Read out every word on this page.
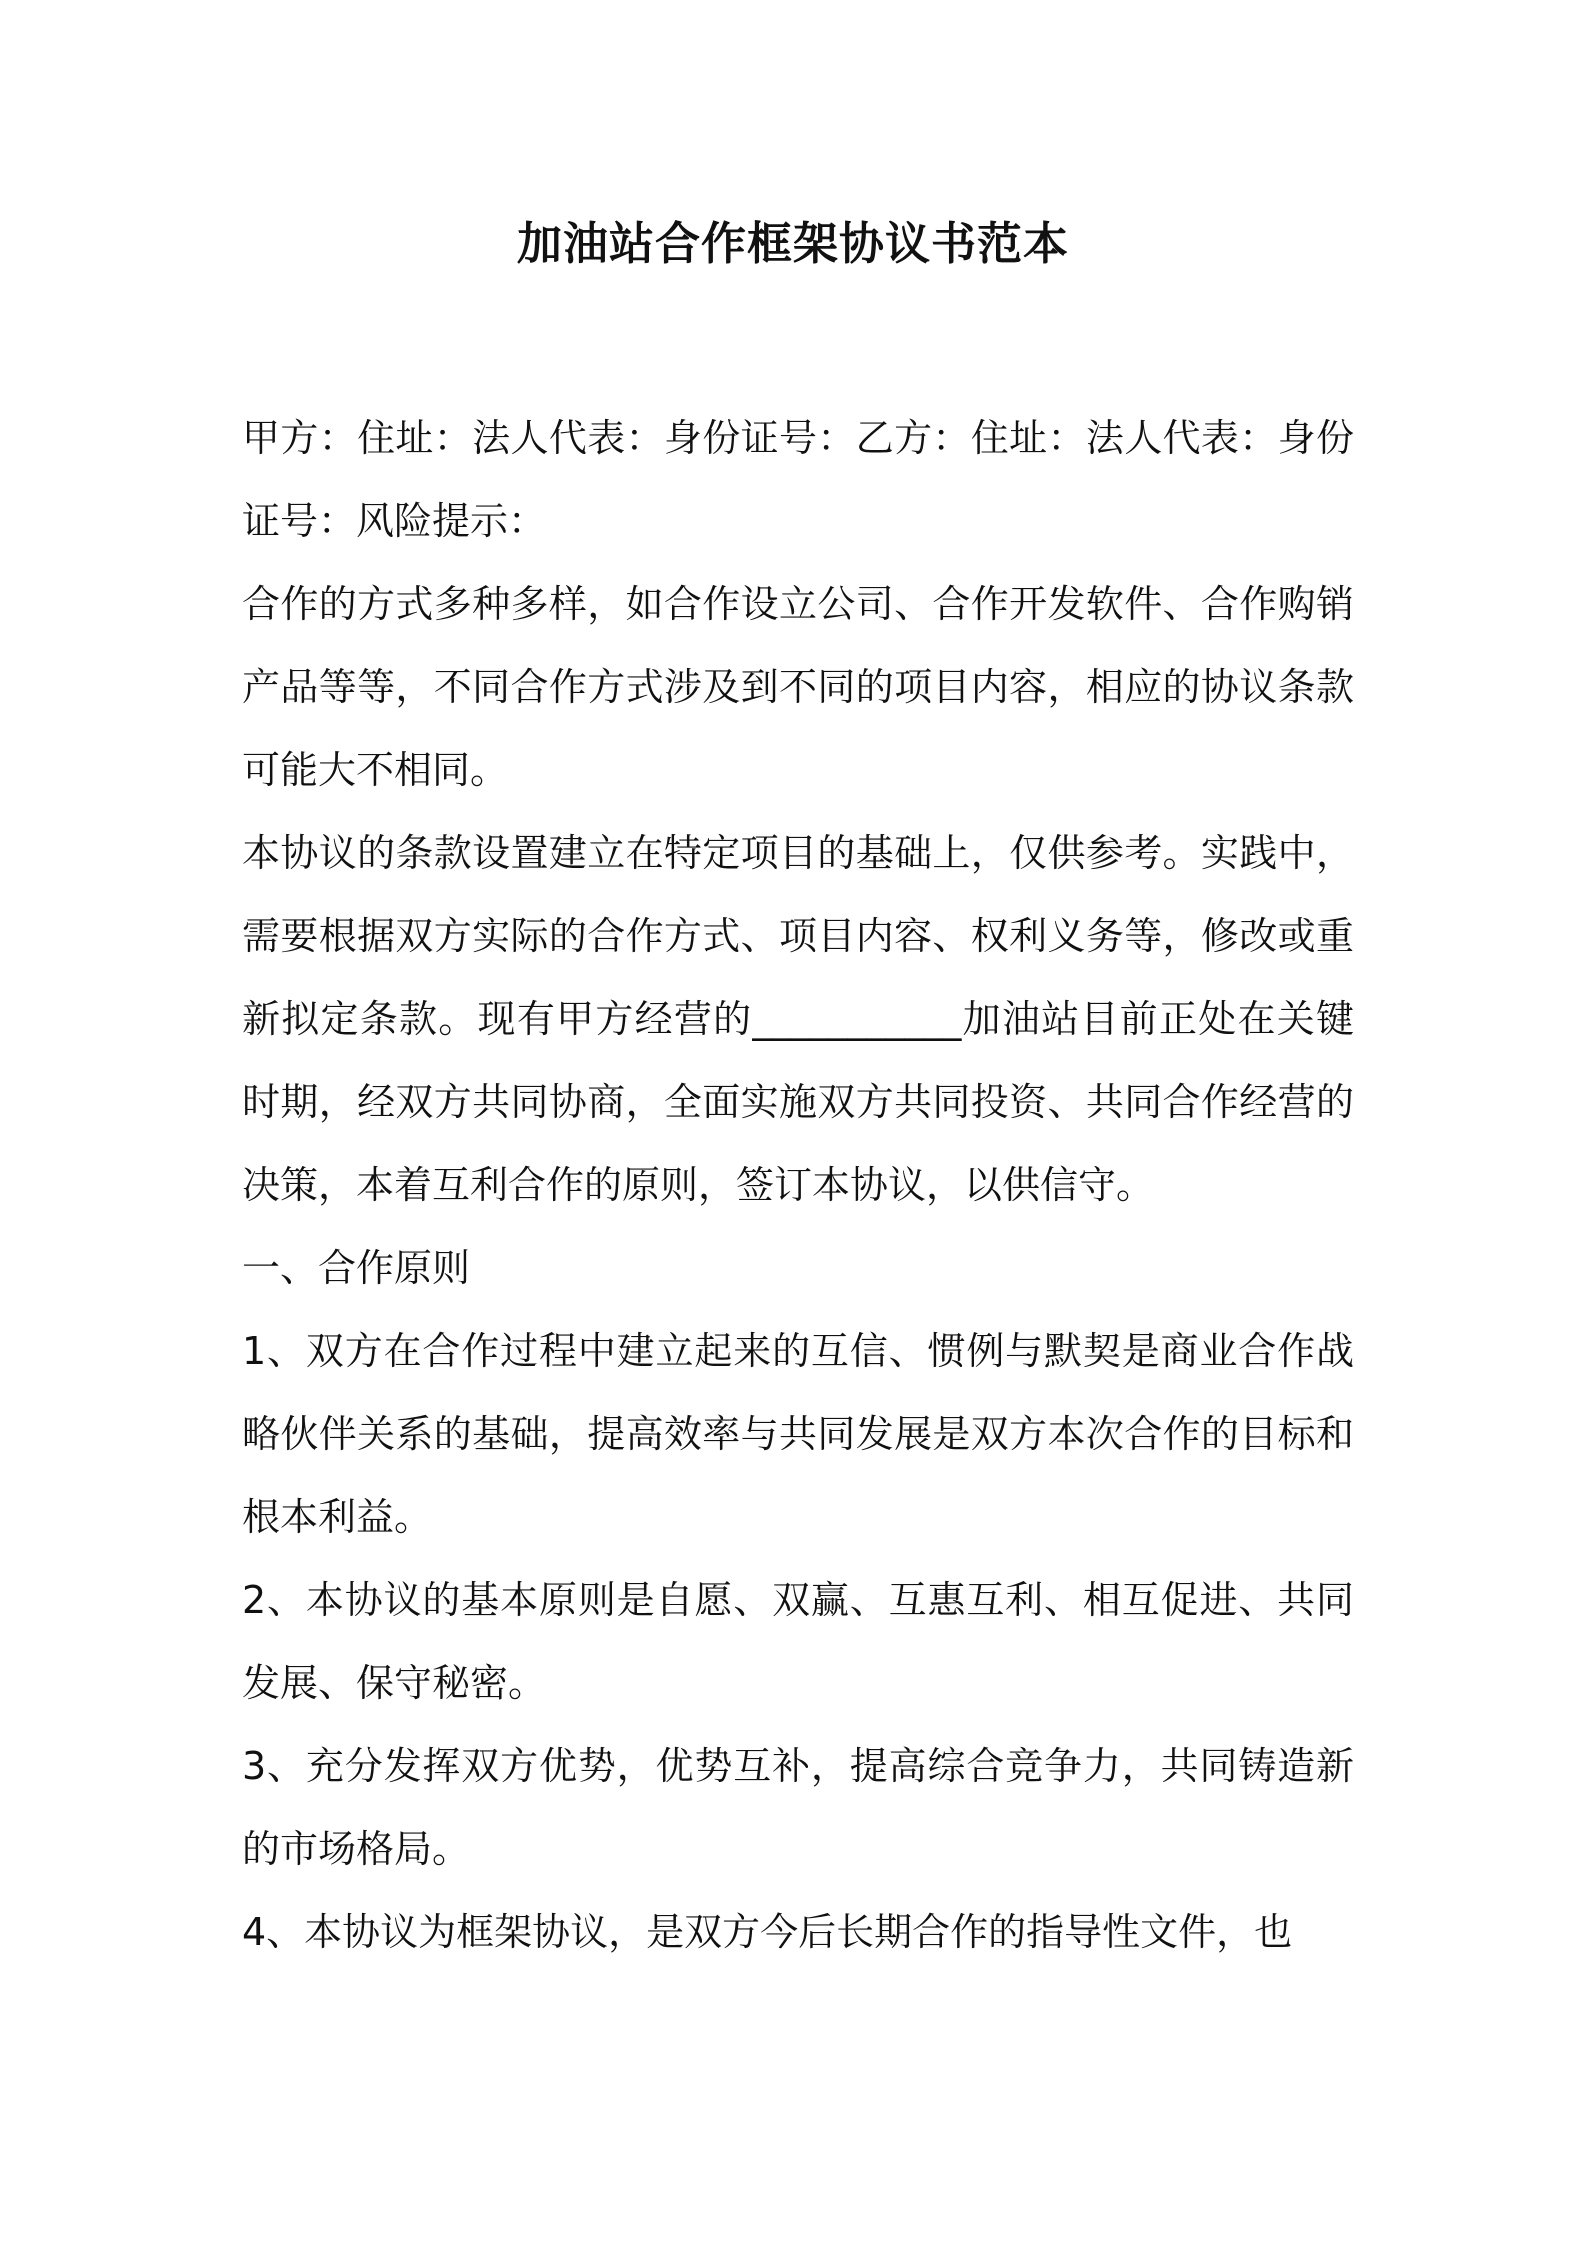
加油站合作框架协议书范本

甲方：住址：法人代表：身份证号：乙方：住址：法人代表：身份证号：风险提示：

合作的方式多种多样，如合作设立公司、合作开发软件、合作购销产品等等，不同合作方式涉及到不同的项目内容，相应的协议条款可能大不相同。

本协议的条款设置建立在特定项目的基础上，仅供参考。实践中，需要根据双方实际的合作方式、项目内容、权利义务等，修改或重新拟定条款。现有甲方经营的___________加油站目前正处在关键时期，经双方共同协商，全面实施双方共同投资、共同合作经营的决策，本着互利合作的原则，签订本协议，以供信守。

一、合作原则

1、双方在合作过程中建立起来的互信、惯例与默契是商业合作战略伙伴关系的基础，提高效率与共同发展是双方本次合作的目标和根本利益。

2、本协议的基本原则是自愿、双赢、互惠互利、相互促进、共同发展、保守秘密。

3、充分发挥双方优势，优势互补，提高综合竞争力，共同铸造新的市场格局。

4、本协议为框架协议，是双方今后长期合作的指导性文件，也
